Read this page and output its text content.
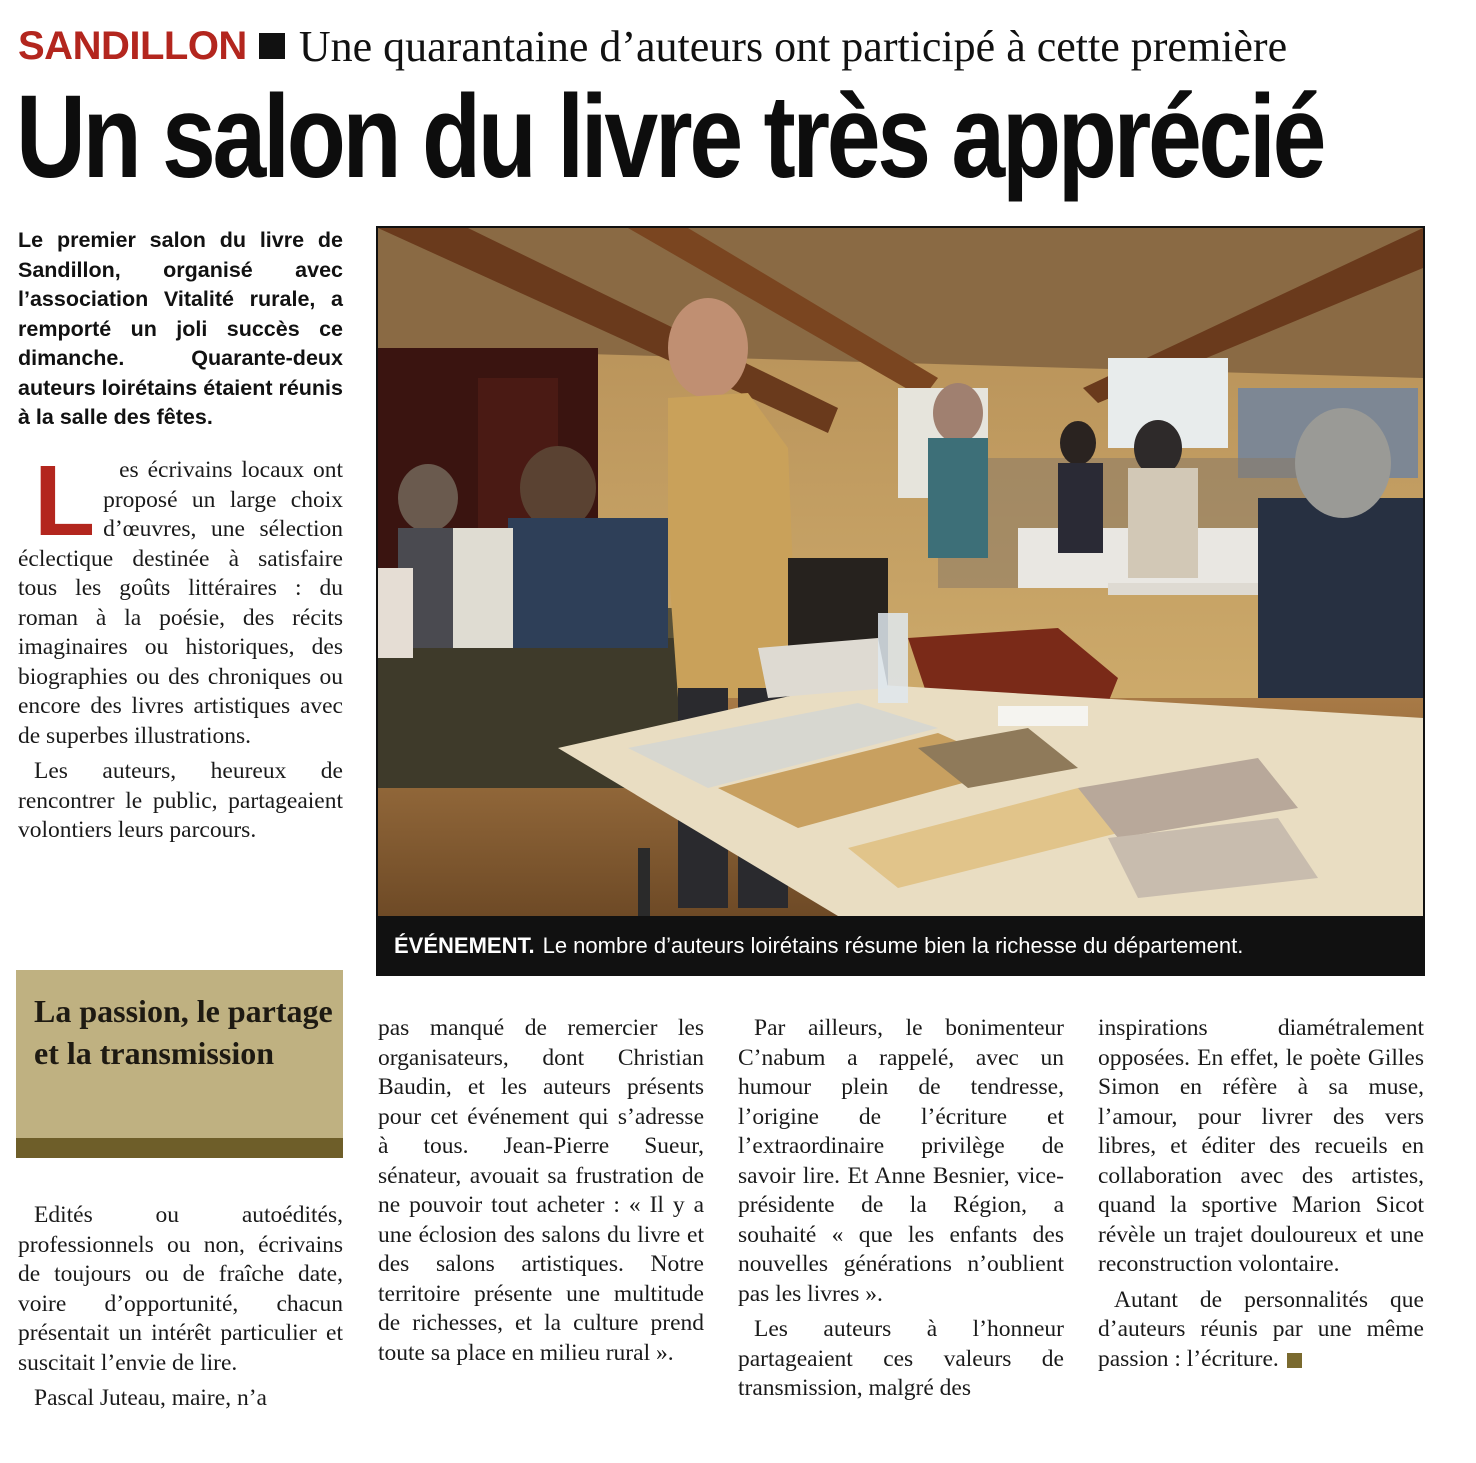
SANDILLON Une quarantaine d’auteurs ont participé à cette première
Un salon du livre très apprécié
Le premier salon du livre de Sandillon, organisé avec l’association Vitalité rurale, a remporté un joli succès ce dimanche. Quarante-deux auteurs loirétains étaient réunis à la salle des fêtes.

L es écrivains locaux ont proposé un large choix d’œuvres, une sélection éclectique destinée à satisfaire tous les goûts littéraires : du roman à la poésie, des récits imaginaires ou historiques, des biographies ou des chroniques ou encore des livres artistiques avec de superbes illustrations.

Les auteurs, heureux de rencontrer le public, partageaient volontiers leurs parcours.

La passion, le partage et la transmission

Edités ou autoédités, professionnels ou non, écrivains de toujours ou de fraîche date, voire d’opportunité, chacun présentait un intérêt particulier et suscitait l’envie de lire.

Pascal Juteau, maire, n’a

pas manqué de remercier les organisateurs, dont Christian Baudin, et les auteurs présents pour cet événement qui s’adresse à tous. Jean-Pierre Sueur, sénateur, avouait sa frustration de ne pouvoir tout acheter : « Il y a une éclosion des salons du livre et des salons artistiques. Notre territoire présente une multitude de richesses, et la culture prend toute sa place en milieu rural ».

Par ailleurs, le bonimenteur C’nabum a rappelé, avec un humour plein de tendresse, l’origine de l’écriture et l’extraordinaire privilège de savoir lire. Et Anne Besnier, vice-présidente de la Région, a souhaité « que les enfants des nouvelles générations n’oublient pas les livres ».

Les auteurs à l’honneur partageaient ces valeurs de transmission, malgré des

inspirations diamétralement opposées. En effet, le poète Gilles Simon en réfère à sa muse, l’amour, pour livrer des vers libres, et éditer des recueils en collaboration avec des artistes, quand la sportive Marion Sicot révèle un trajet douloureux et une reconstruction volontaire.

Autant de personnalités que d’auteurs réunis par une même passion : l’écriture.

ÉVÉNEMENT. Le nombre d’auteurs loirétains résume bien la richesse du département.
